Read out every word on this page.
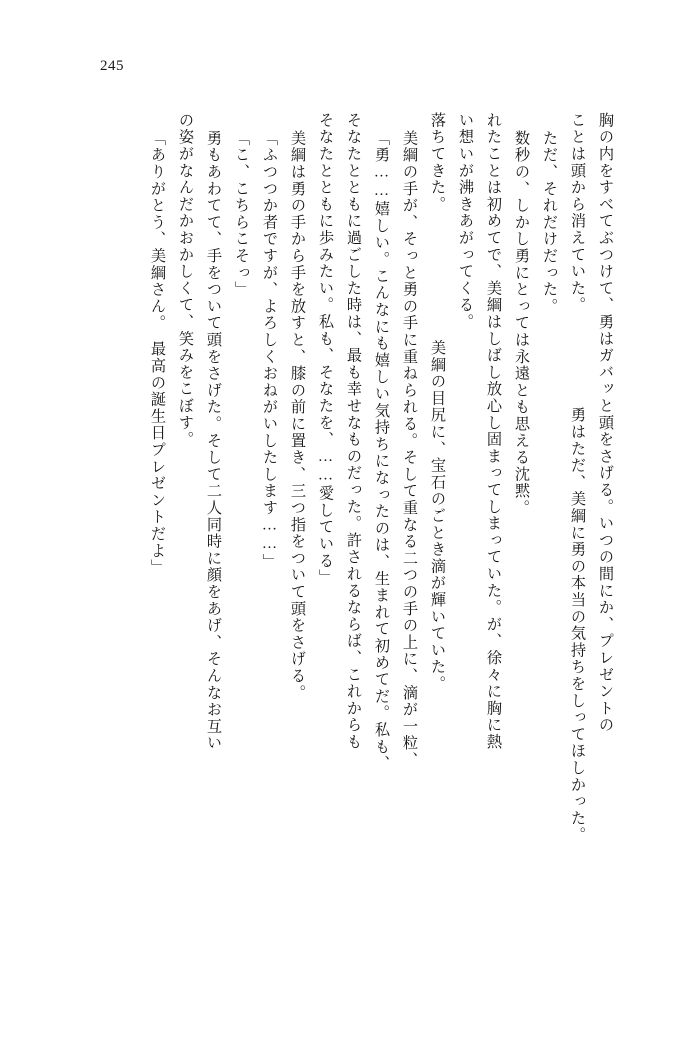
245
胸の内をすべてぶつけて、勇はガバッと頭をさげる。いつの間にか、プレゼントの
ことは頭から消えていた。　　　　　　勇はただ、美綱に勇の本当の気持ちをしってほしかった。
ただ、それだけだった。
数秒の、しかし勇にとっては永遠とも思える沈黙。
れたことは初めてで、美綱はしばし放心し固まってしまっていた。が、徐々に胸に熱
い想いが沸きあがってくる。
落ちてきた。　　　　　　　　美綱の目尻に、宝石のごとき滴が輝いていた。
美綱の手が、そっと勇の手に重ねられる。そして重なる二つの手の上に、滴が一粒、
「勇……嬉しい。こんなにも嬉しい気持ちになったのは、生まれて初めてだ。私も、
そなたとともに過ごした時は、最も幸せなものだった。許されるならば、これからも
そなたとともに歩みたい。私も、そなたを、……愛している」
美綱は勇の手から手を放すと、膝の前に置き、三つ指をついて頭をさげる。
「ふつつか者ですが、よろしくおねがいしたします……」
「こ、こちらこそっ」
勇もあわてて、手をついて頭をさげた。そして二人同時に顔をあげ、そんなお互い
の姿がなんだかおかしくて、笑みをこぼす。
「ありがとう、美綱さん。　最高の誕生日プレゼントだよ」
